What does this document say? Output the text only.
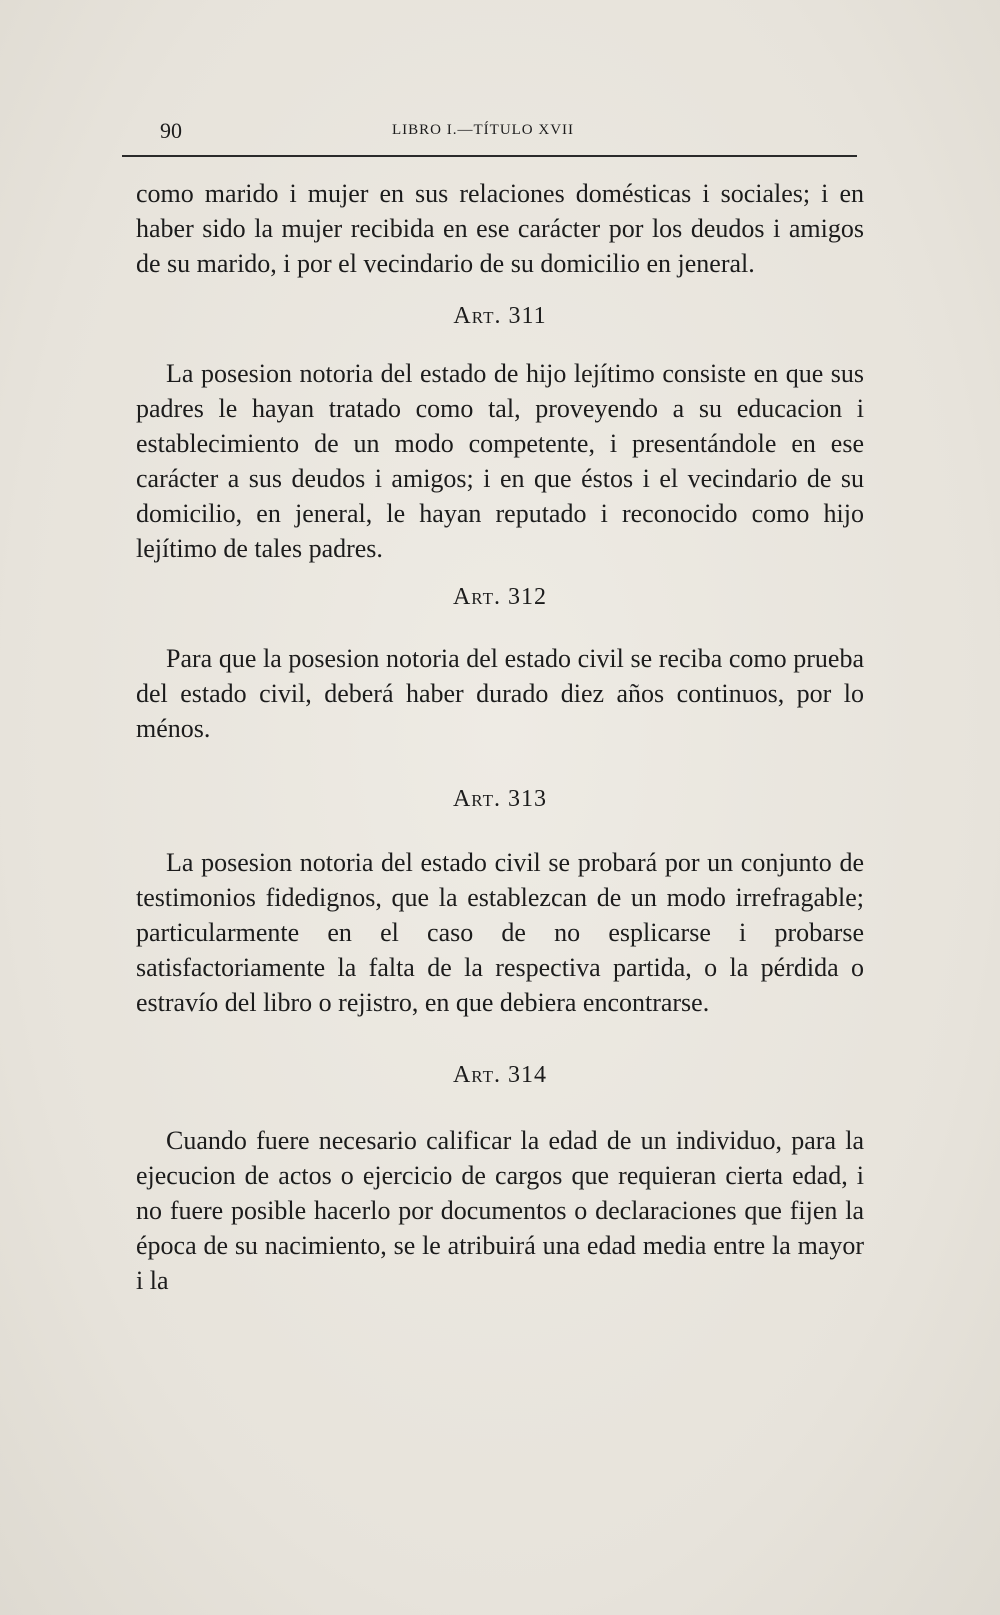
90	LIBRO I.—TÍTULO XVII

como marido i mujer en sus relaciones domésticas i sociales; i en haber sido la mujer recibida en ese carácter por los deudos i amigos de su marido, i por el vecindario de su domicilio en jeneral.

Art. 311

La posesion notoria del estado de hijo lejítimo consiste en que sus padres le hayan tratado como tal, proveyendo a su educacion i establecimiento de un modo competente, i presentándole en ese carácter a sus deudos i amigos; i en que éstos i el vecindario de su domicilio, en jeneral, le hayan reputado i reconocido como hijo lejítimo de tales padres.

Art. 312

Para que la posesion notoria del estado civil se reciba como prueba del estado civil, deberá haber durado diez años continuos, por lo ménos.

Art. 313

La posesion notoria del estado civil se probará por un conjunto de testimonios fidedignos, que la establezcan de un modo irrefragable; particularmente en el caso de no esplicarse i probarse satisfactoriamente la falta de la respectiva partida, o la pérdida o estravío del libro o rejistro, en que debiera encontrarse.

Art. 314

Cuando fuere necesario calificar la edad de un individuo, para la ejecucion de actos o ejercicio de cargos que requieran cierta edad, i no fuere posible hacerlo por documentos o declaraciones que fijen la época de su nacimiento, se le atribuirá una edad media entre la mayor i la
